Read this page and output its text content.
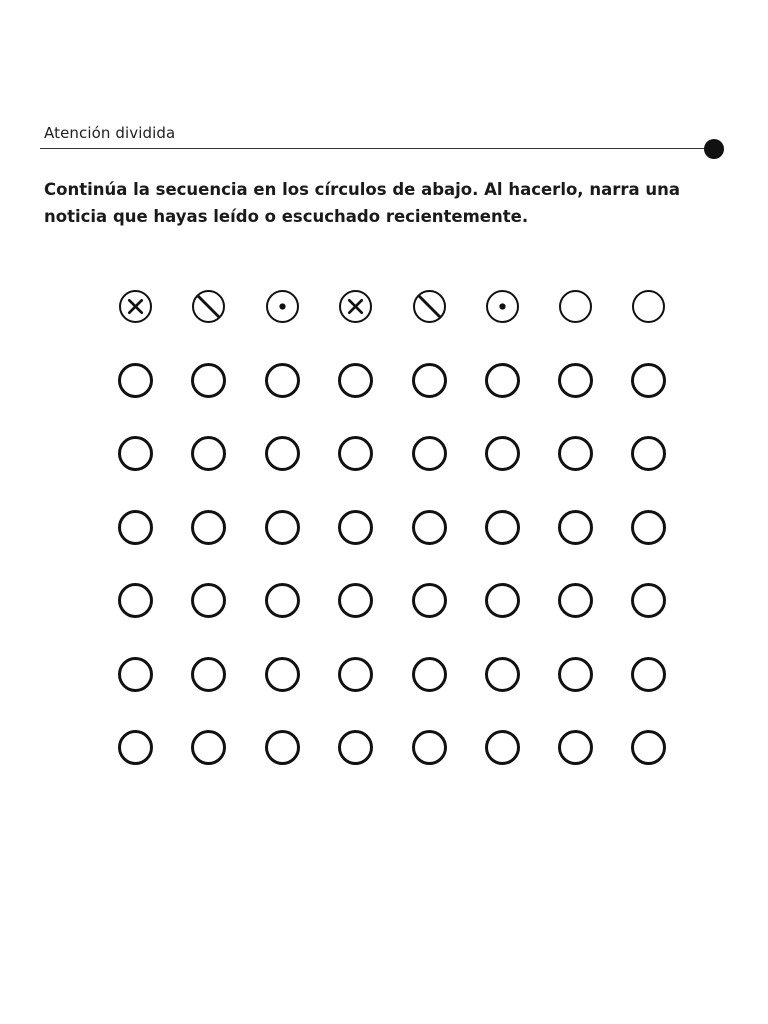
Atención dividida

Continúa la secuencia en los círculos de abajo. Al hacerlo, narra una noticia que hayas leído o escuchado recientemente.
